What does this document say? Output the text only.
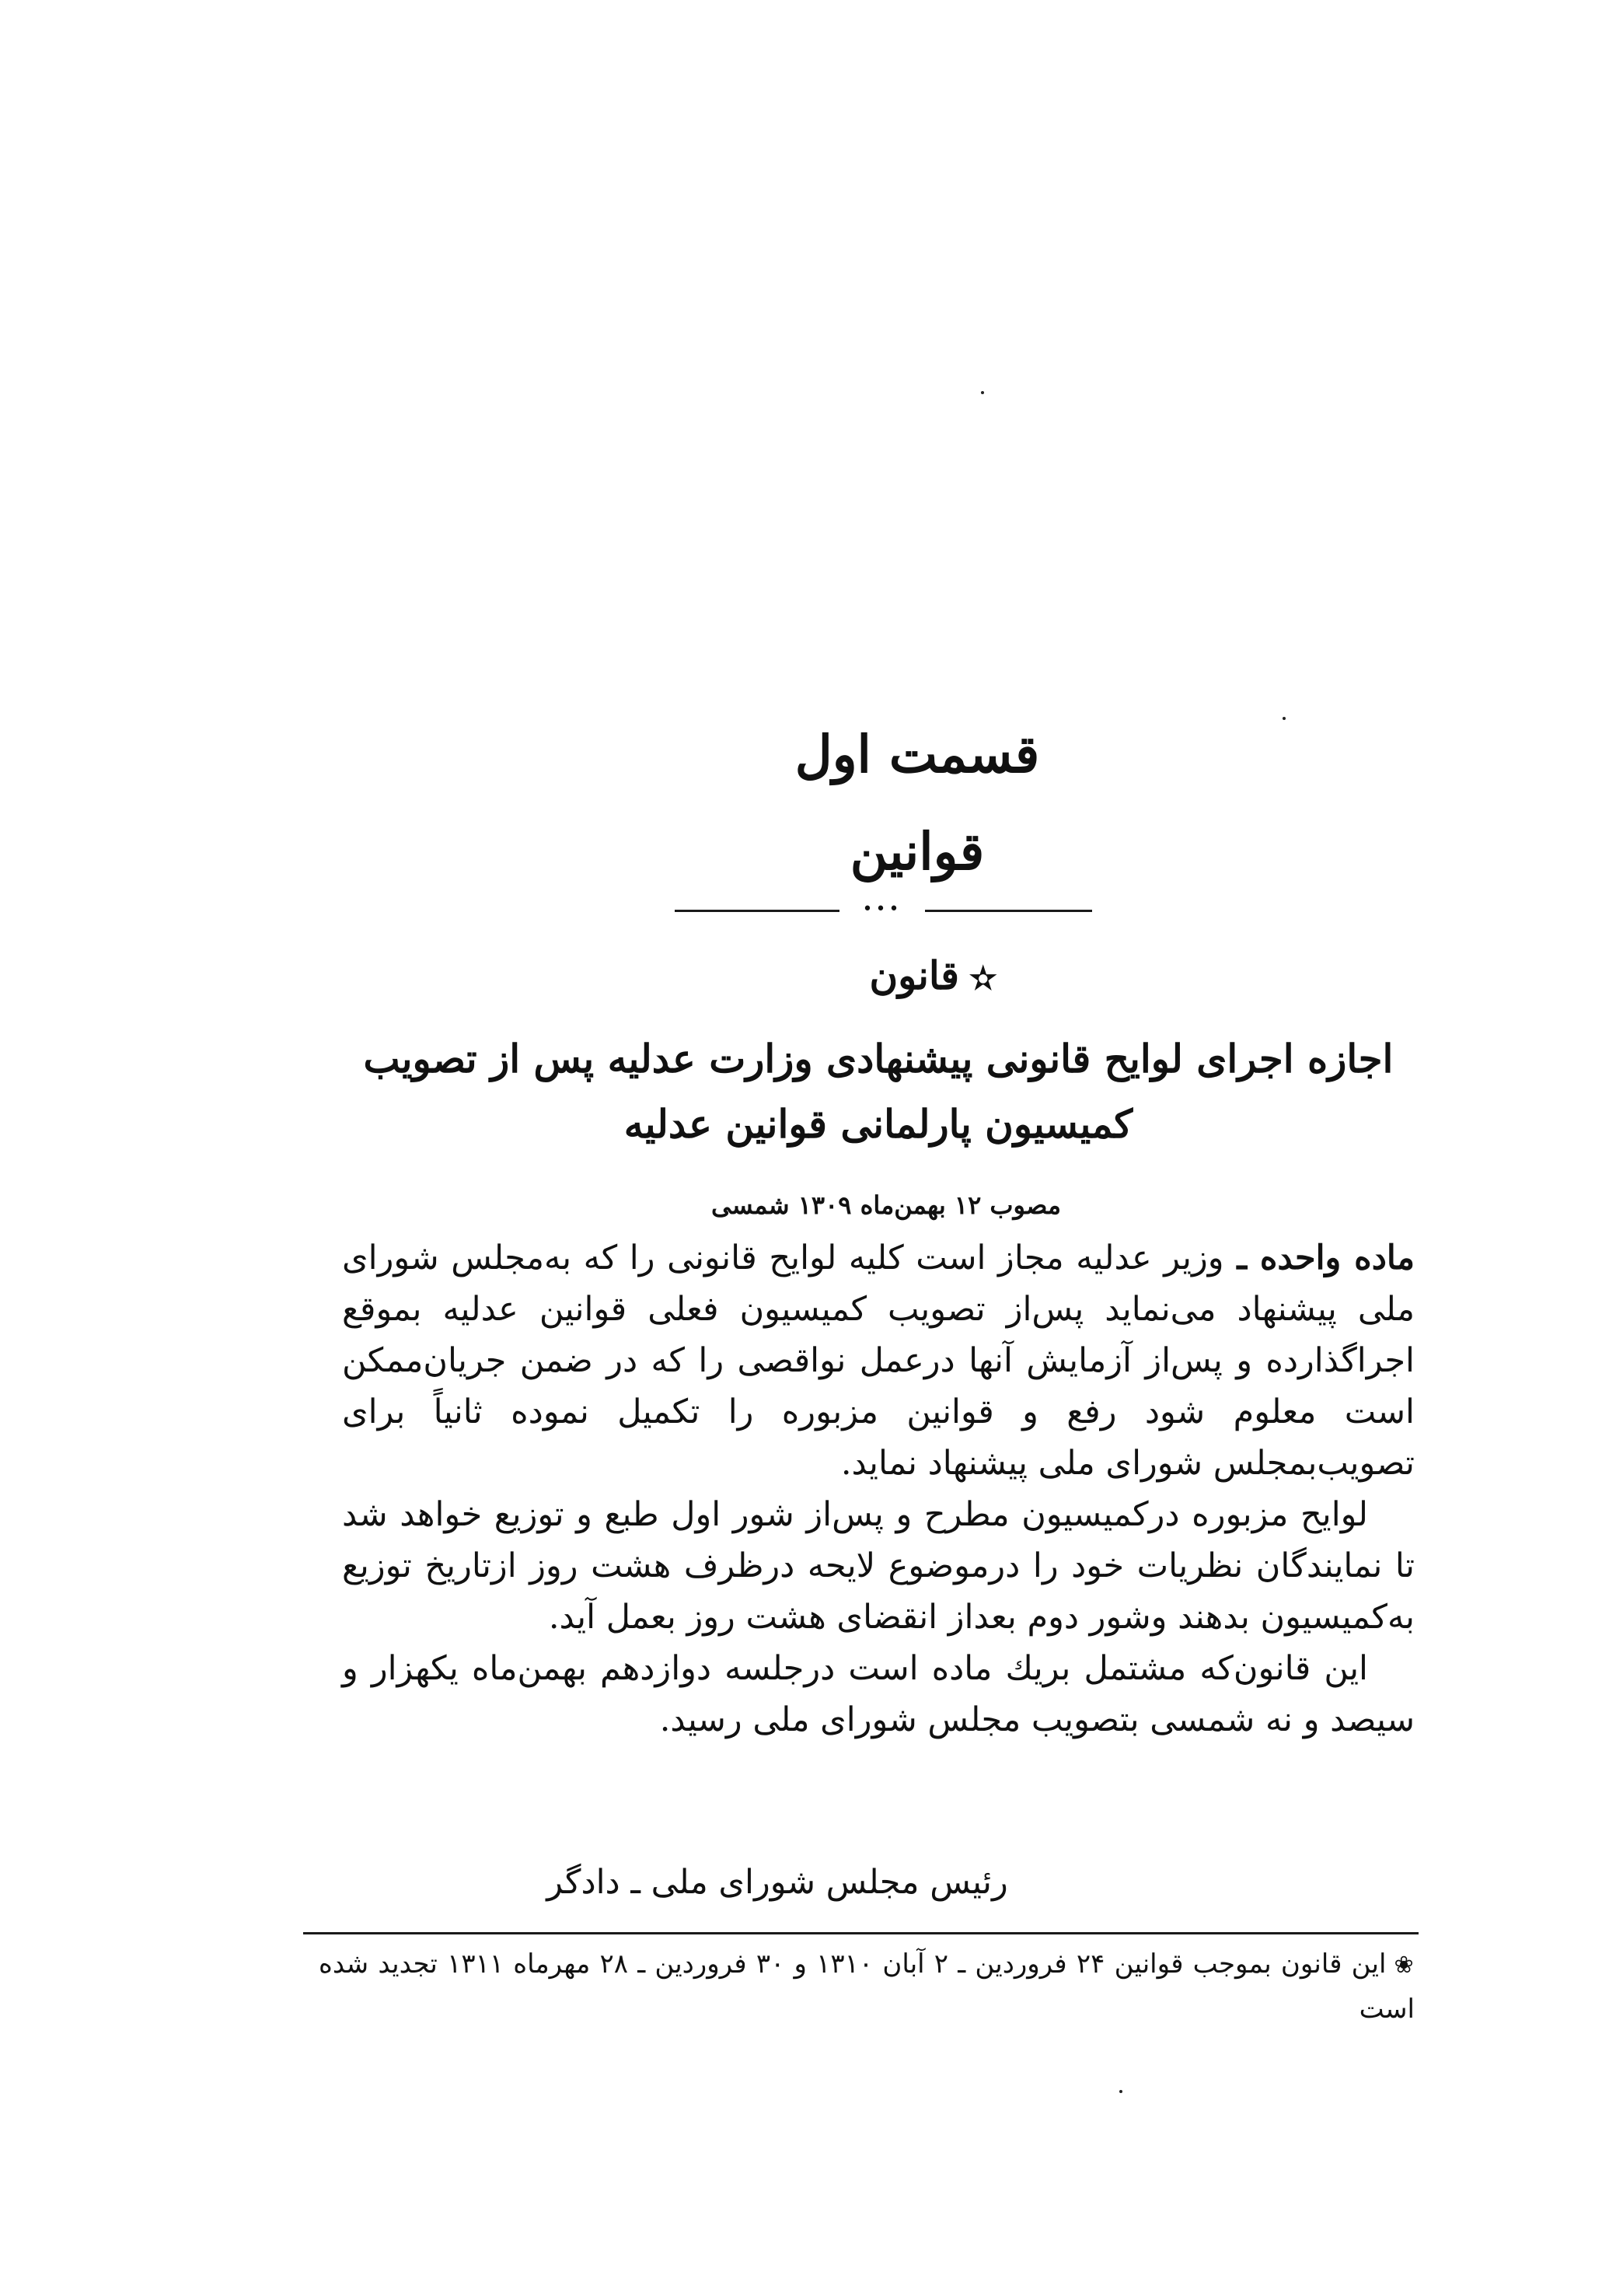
قسمت اول
قوانین
•••
✫قانون
اجازه اجرای لوایح قانونی پیشنهادی وزارت عدلیه پس از تصویب
کمیسیون پارلمانی قوانین عدلیه
مصوب ۱۲ بهمن‌ماه ۱۳۰۹ شمسی

ماده واحده ـ وزیر عدلیه مجاز است کلیه لوایح قانونی را که به‌مجلس شورای ملی پیشنهاد می‌نماید پس‌از تصویب کمیسیون فعلی قوانین عدلیه بموقع اجراگذارده و پس‌از آزمایش آنها درعمل نواقصی را که در ضمن جریان‌ممکن است معلوم شود رفع و قوانین مزبوره را تکمیل نموده ثانیاً برای تصویب‌بمجلس شورای ملی پیشنهاد نماید.

لوایح مزبوره درکمیسیون مطرح و پس‌از شور اول طبع و توزیع خواهد شد تا نمایندگان نظریات خود را درموضوع لایحه درظرف هشت روز ازتاریخ توزیع به‌کمیسیون بدهند وشور دوم بعداز انقضای هشت روز بعمل آید.

این قانون‌که مشتمل بریك ماده است درجلسه دوازدهم بهمن‌ماه یکهزار و سیصد و نه شمسی بتصویب مجلس شورای ملی رسید.

رئیس مجلس شورای ملی ـ دادگر
❀این قانون بموجب قوانین ۲۴ فروردین ـ ۲ آبان ۱۳۱۰ و ۳۰ فروردین ـ ۲۸ مهرماه ۱۳۱۱ تجدید شده است
